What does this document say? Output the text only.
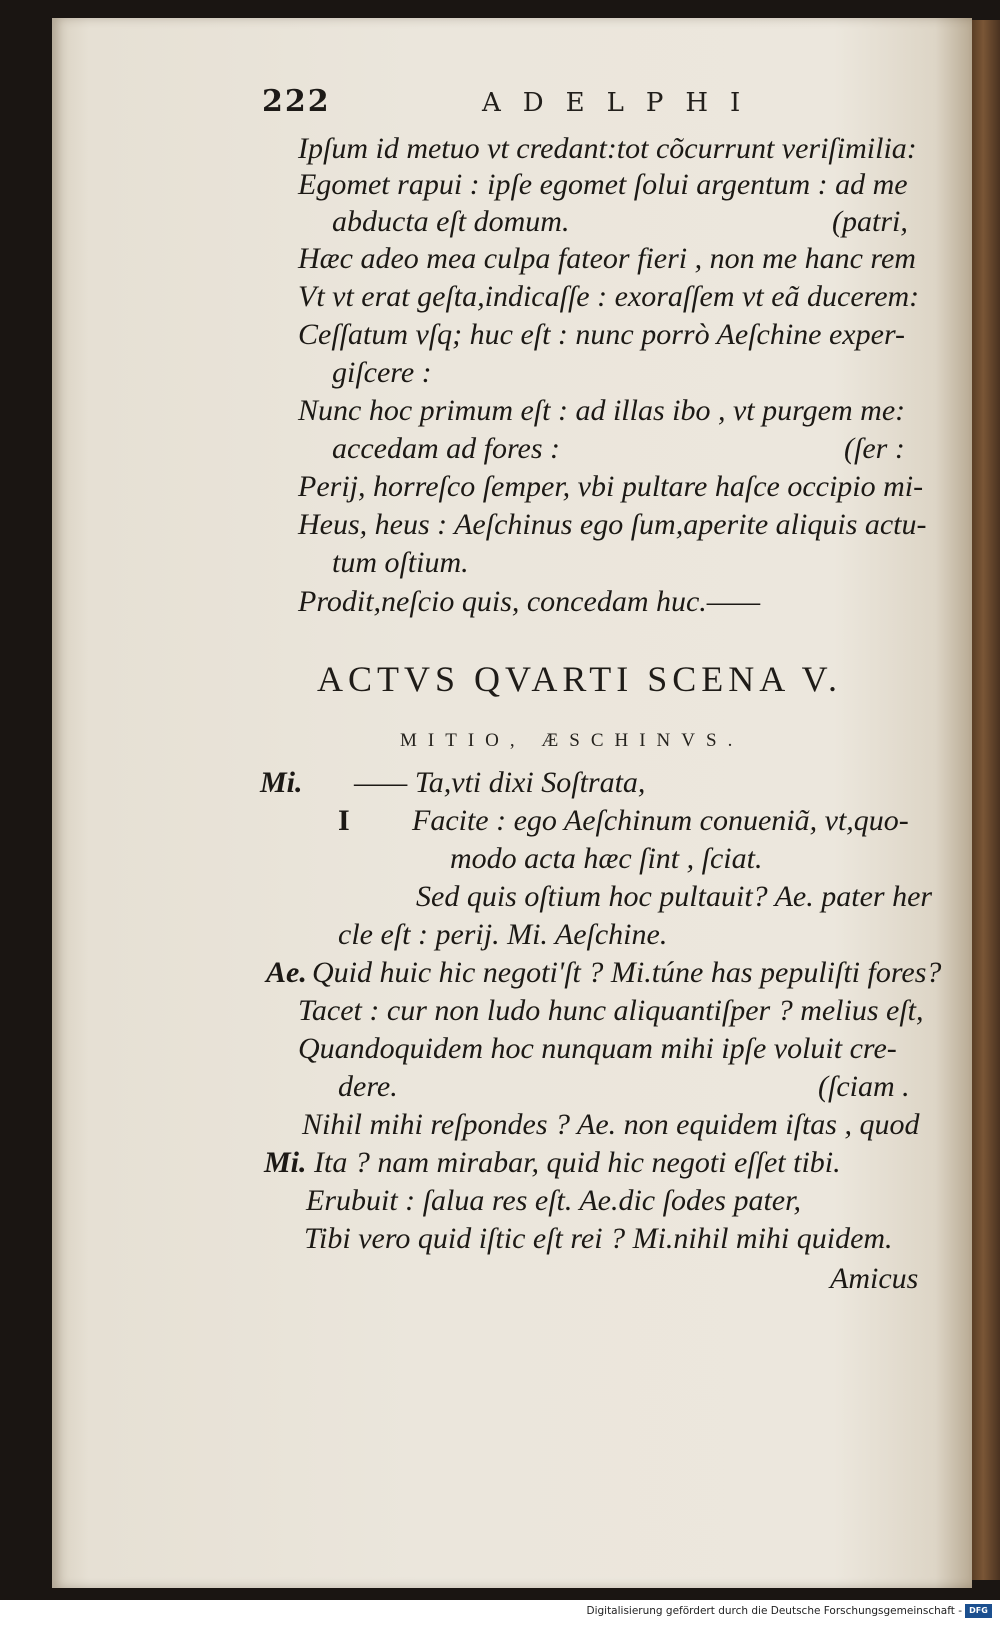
222	ADELPHI
Ipſum id metuo vt credant:tot cõcurrunt veriſimilia:
Egomet rapui : ipſe egomet ſolui argentum : ad me
abducta eſt domum.	(patri,
Hæc adeo mea culpa fateor fieri , non me hanc rem
Vt vt erat geſta,indicaſſe : exoraſſem vt eã ducerem:
Ceſſatum vſq; huc eſt : nunc porrò Aeſchine exper-
giſcere :
Nunc hoc primum eſt : ad illas ibo , vt purgem me:
accedam ad fores :	(ſer :
Perij, horreſco ſemper, vbi pultare haſce occipio mi-
Heus, heus : Aeſchinus ego ſum,aperite aliquis actu-
tum oſtium.
Prodit,neſcio quis, concedam huc.——
ACTVS QVARTI SCENA V.
MITIO, ÆSCHINVS.
Mi. —— Ta,vti dixi Soſtrata,
I Facite : ego Aeſchinum conueniã, vt,quo-
modo acta hæc ſint , ſciat.
Sed quis oſtium hoc pultauit? Ae. pater her
cle eſt : perij. Mi. Aeſchine.
Ae. Quid huic hic negoti'ſt ? Mi.túne has pepuliſti fores?
Tacet : cur non ludo hunc aliquantiſper ? melius eſt,
Quandoquidem hoc nunquam mihi ipſe voluit cre-
dere.	(ſciam .
Nihil mihi reſpondes ? Ae. non equidem iſtas , quod
Mi. Ita ? nam mirabar, quid hic negoti eſſet tibi.
Erubuit : ſalua res eſt. Ae.dic ſodes pater,
Tibi vero quid iſtic eſt rei ? Mi.nihil mihi quidem.
Amicus
Digitalisierung gefördert durch die Deutsche Forschungsgemeinschaft - DFG
